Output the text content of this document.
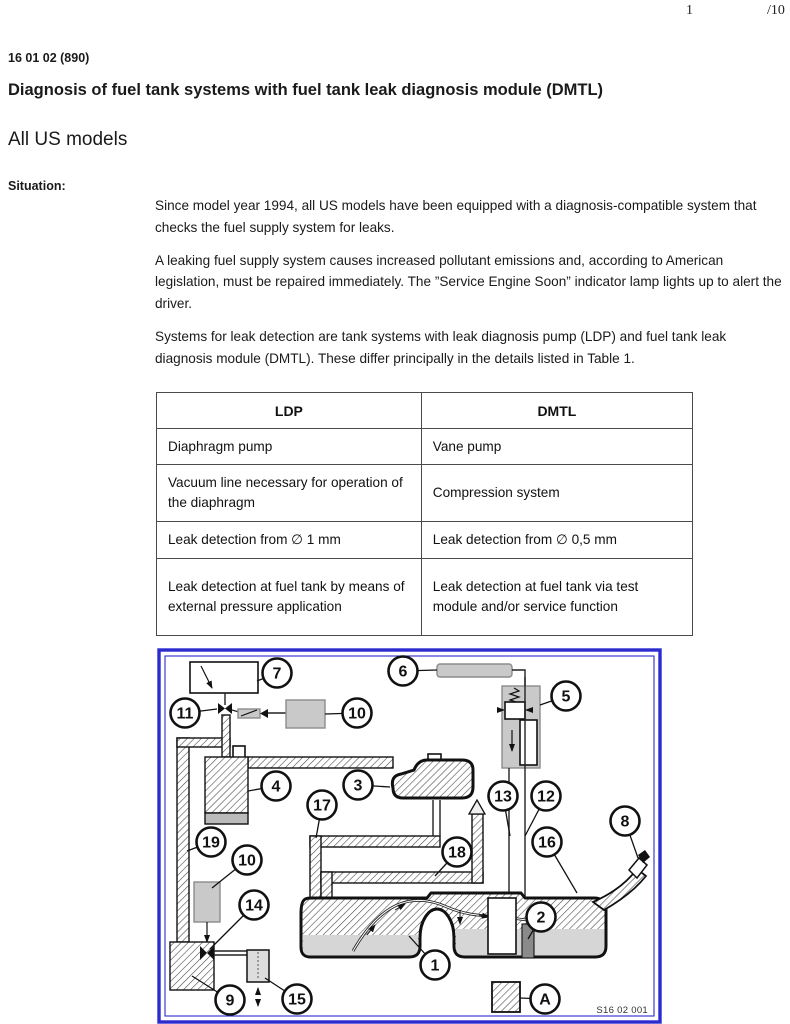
1	/10
16 01 02 (890)
Diagnosis of fuel tank systems with fuel tank leak diagnosis module (DMTL)
All US models
Situation:

Since model year 1994, all US models have been equipped with a diagnosis-compatible system that checks the fuel supply system for leaks.

A leaking fuel supply system causes increased pollutant emissions and, according to American legislation, must be repaired immediately. The ”Service Engine Soon” indicator lamp lights up to alert the driver.

Systems for leak detection are tank systems with leak diagnosis pump (LDP) and fuel tank leak diagnosis module (DMTL). These differ principally in the details listed in Table 1.

LDP	DMTL
Diaphragm pump	Vane pump
Vacuum line necessary for operation of the diaphragm	Compression system
Leak detection from ∅ 1 mm	Leak detection from ∅ 0,5 mm
Leak detection at fuel tank by means of external pressure application	Leak detection at fuel tank via test module and/or service function
7
11	10
6
5
4	3
17
13 12
8
16
19
10	18
14
2
1
9	15	A
S16 02 001
